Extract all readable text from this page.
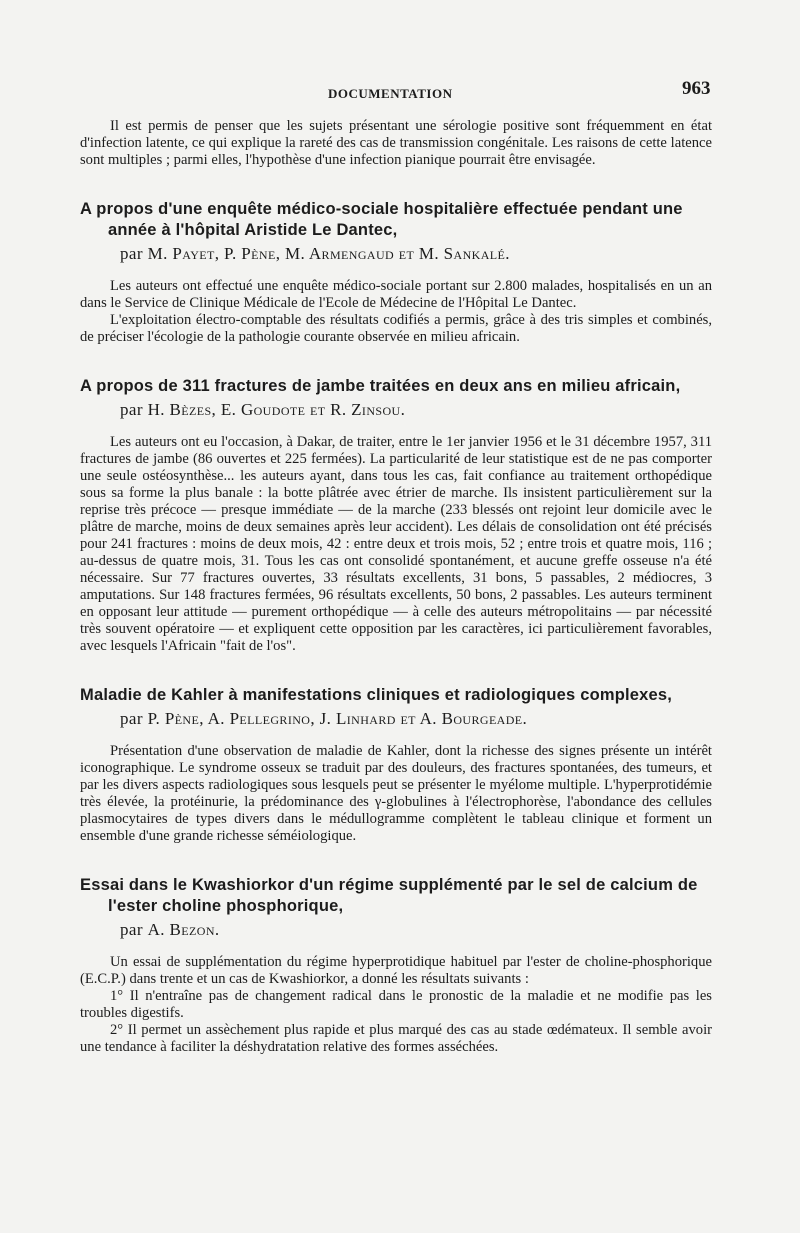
DOCUMENTATION	963

Il est permis de penser que les sujets présentant une sérologie positive sont fréquemment en état d'infection latente, ce qui explique la rareté des cas de transmission congénitale. Les raisons de cette latence sont multiples ; parmi elles, l'hypothèse d'une infection pianique pourrait être envisagée.

A propos d'une enquête médico-sociale hospitalière effectuée pendant une année à l'hôpital Aristide Le Dantec,
par M. Payet, P. Pène, M. Armengaud et M. Sankalé.

Les auteurs ont effectué une enquête médico-sociale portant sur 2.800 malades, hospitalisés en un an dans le Service de Clinique Médicale de l'Ecole de Médecine de l'Hôpital Le Dantec.

L'exploitation électro-comptable des résultats codifiés a permis, grâce à des tris simples et combinés, de préciser l'écologie de la pathologie courante observée en milieu africain.

A propos de 311 fractures de jambe traitées en deux ans en milieu africain,
par H. Bèzes, E. Goudote et R. Zinsou.

Les auteurs ont eu l'occasion, à Dakar, de traiter, entre le 1er janvier 1956 et le 31 décembre 1957, 311 fractures de jambe (86 ouvertes et 225 fermées). La particularité de leur statistique est de ne pas comporter une seule ostéosynthèse... les auteurs ayant, dans tous les cas, fait confiance au traitement orthopédique sous sa forme la plus banale : la botte plâtrée avec étrier de marche. Ils insistent particulièrement sur la reprise très précoce — presque immédiate — de la marche (233 blessés ont rejoint leur domicile avec le plâtre de marche, moins de deux semaines après leur accident). Les délais de consolidation ont été précisés pour 241 fractures : moins de deux mois, 42 : entre deux et trois mois, 52 ; entre trois et quatre mois, 116 ; au-dessus de quatre mois, 31. Tous les cas ont consolidé spontanément, et aucune greffe osseuse n'a été nécessaire. Sur 77 fractures ouvertes, 33 résultats excellents, 31 bons, 5 passables, 2 médiocres, 3 amputations. Sur 148 fractures fermées, 96 résultats excellents, 50 bons, 2 passables. Les auteurs terminent en opposant leur attitude — purement orthopédique — à celle des auteurs métropolitains — par nécessité très souvent opératoire — et expliquent cette opposition par les caractères, ici particulièrement favorables, avec lesquels l'Africain "fait de l'os".

Maladie de Kahler à manifestations cliniques et radiologiques complexes,
par P. Pène, A. Pellegrino, J. Linhard et A. Bourgeade.

Présentation d'une observation de maladie de Kahler, dont la richesse des signes présente un intérêt iconographique. Le syndrome osseux se traduit par des douleurs, des fractures spontanées, des tumeurs, et par les divers aspects radiologiques sous lesquels peut se présenter le myélome multiple. L'hyperprotidémie très élevée, la protéinurie, la prédominance des γ-globulines à l'électrophorèse, l'abondance des cellules plasmocytaires de types divers dans le médullogramme complètent le tableau clinique et forment un ensemble d'une grande richesse séméiologique.

Essai dans le Kwashiorkor d'un régime supplémenté par le sel de calcium de l'ester choline phosphorique,
par A. Bezon.

Un essai de supplémentation du régime hyperprotidique habituel par l'ester de choline-phosphorique (E.C.P.) dans trente et un cas de Kwashiorkor, a donné les résultats suivants :

1° Il n'entraîne pas de changement radical dans le pronostic de la maladie et ne modifie pas les troubles digestifs.

2° Il permet un assèchement plus rapide et plus marqué des cas au stade œdémateux. Il semble avoir une tendance à faciliter la déshydratation relative des formes asséchées.
